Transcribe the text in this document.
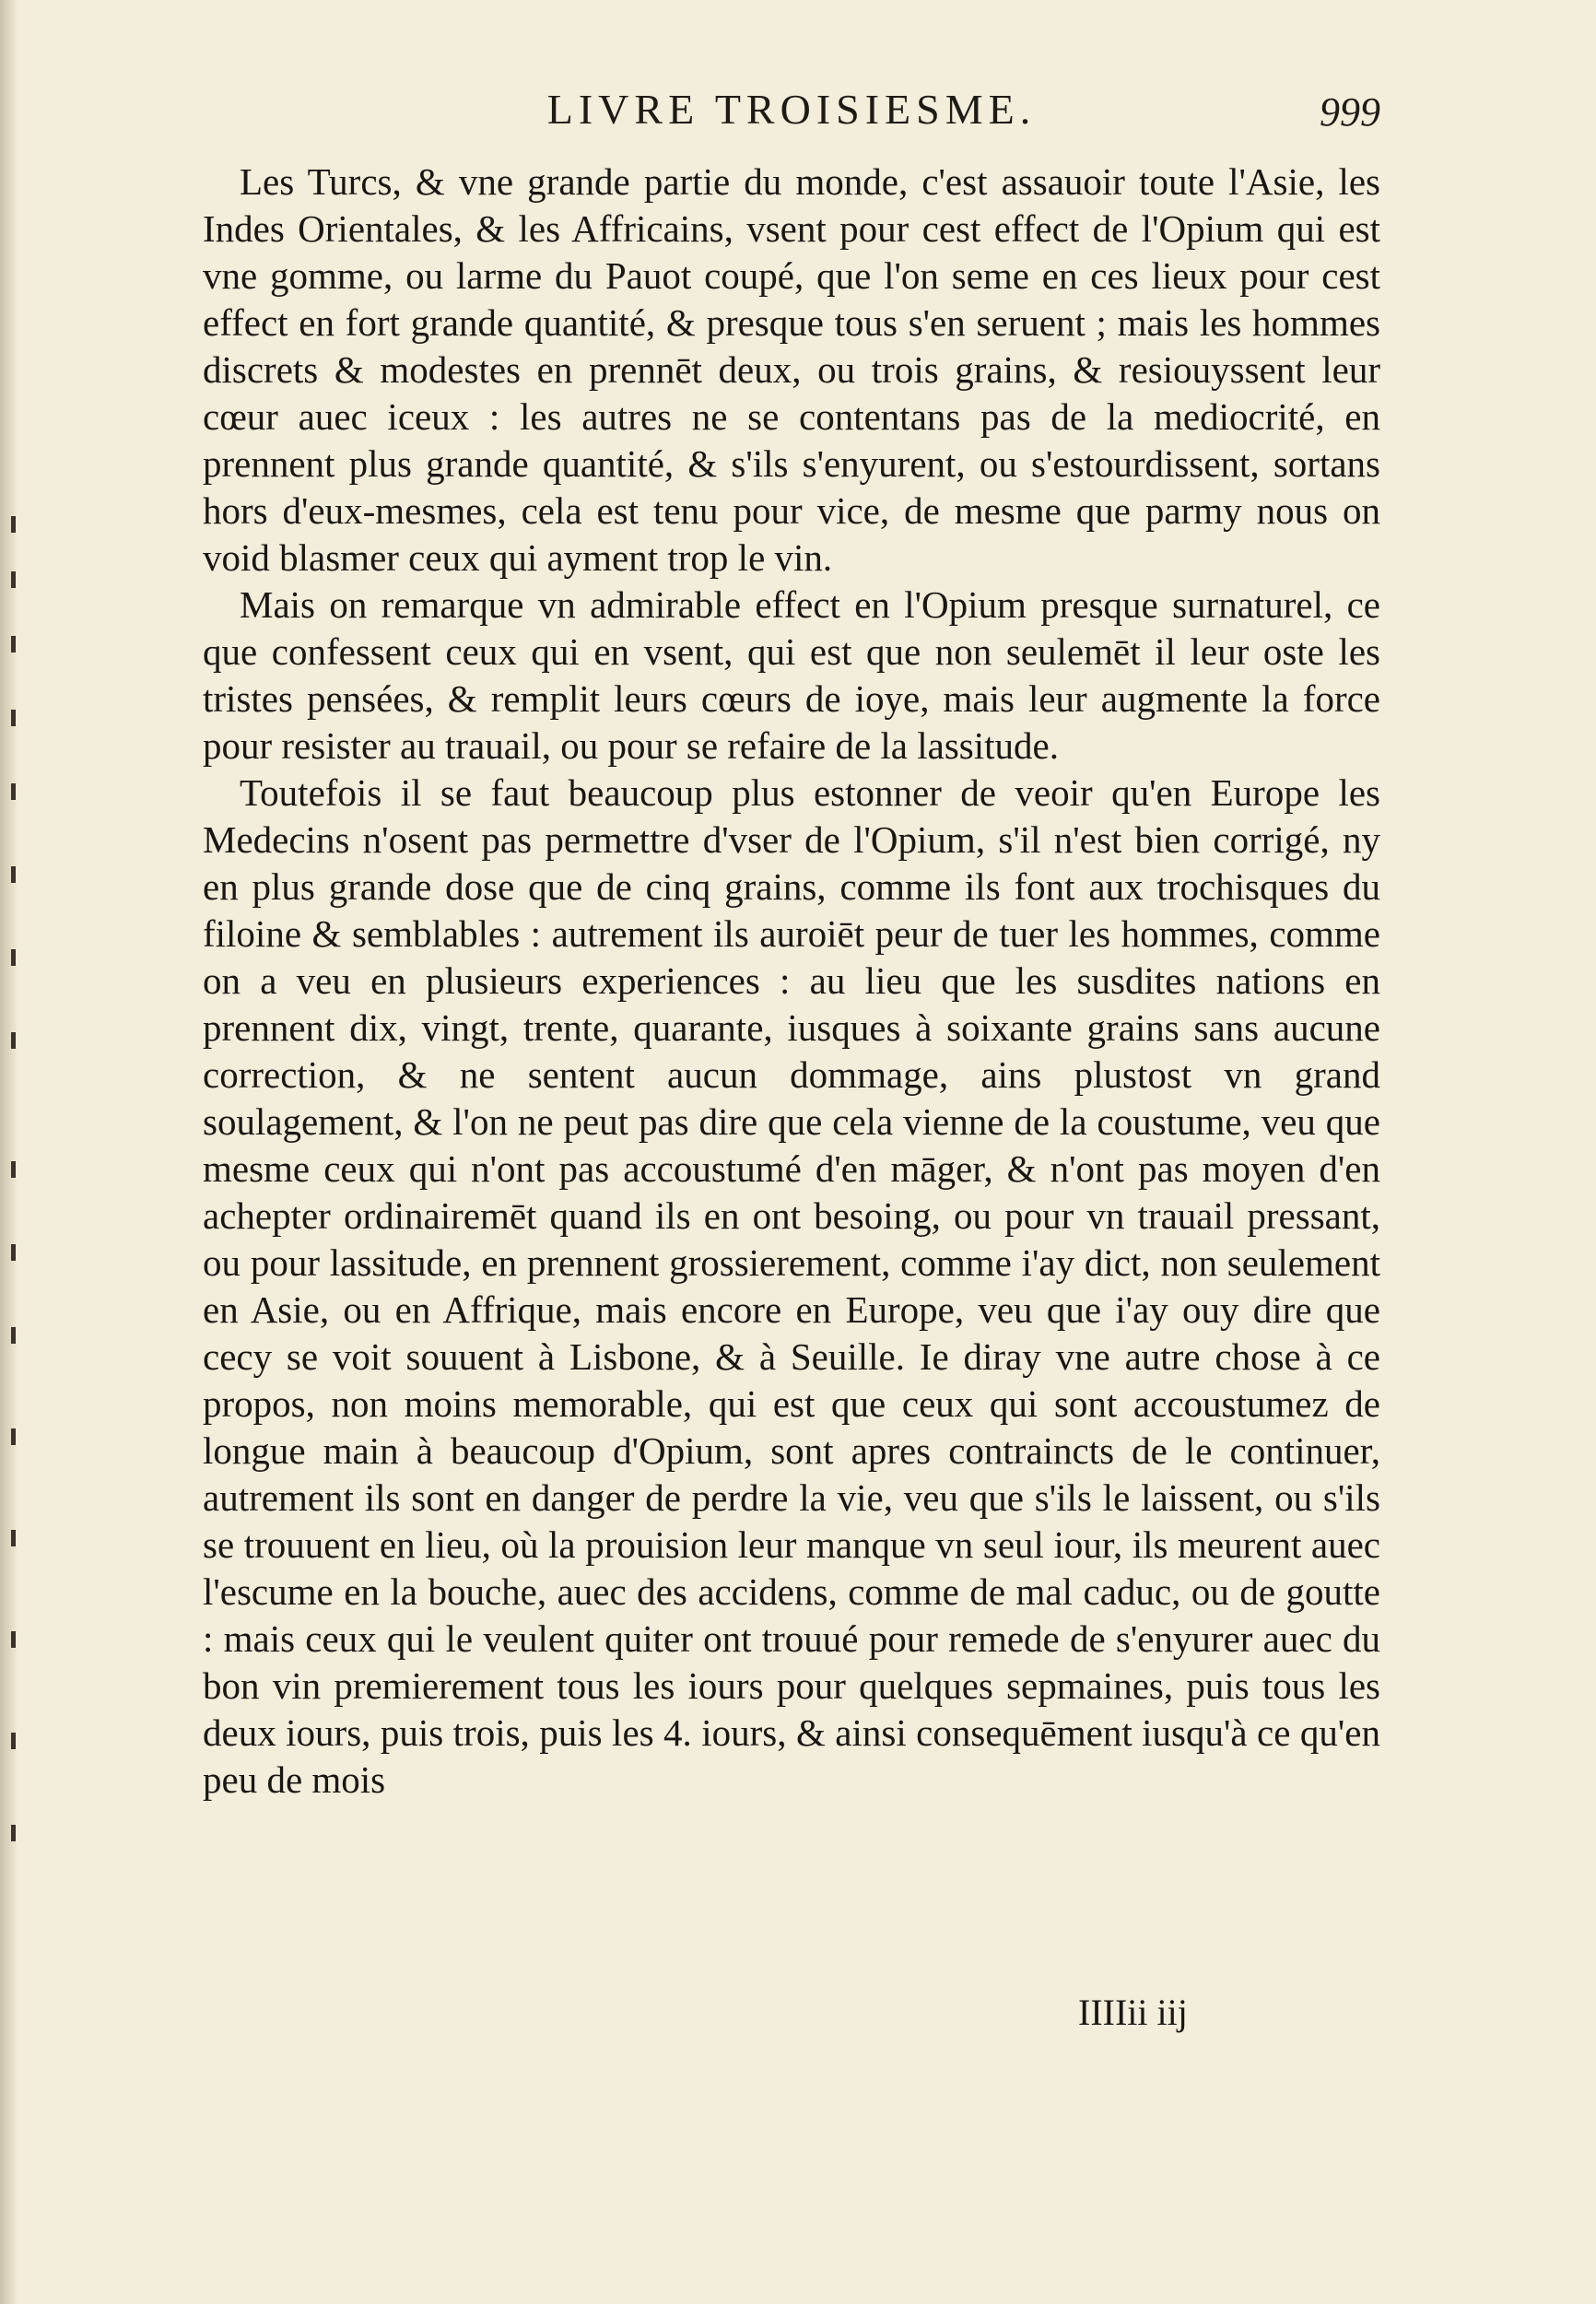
LIVRE TROISIESME.	999

Les Turcs, & vne grande partie du monde, c'est assauoir toute l'Asie, les Indes Orientales, & les Affricains, vsent pour cest effect de l'Opium qui est vne gomme, ou larme du Pauot coupé, que l'on seme en ces lieux pour cest effect en fort grande quantité, & presque tous s'en seruent ; mais les hommes discrets & modestes en prennēt deux, ou trois grains, & resiouyssent leur cœur auec iceux : les autres ne se contentans pas de la mediocrité, en prennent plus grande quantité, & s'ils s'enyurent, ou s'estourdissent, sortans hors d'eux-mesmes, cela est tenu pour vice, de mesme que parmy nous on void blasmer ceux qui ayment trop le vin.

Mais on remarque vn admirable effect en l'Opium presque surnaturel, ce que confessent ceux qui en vsent, qui est que non seulemēt il leur oste les tristes pensées, & remplit leurs cœurs de ioye, mais leur augmente la force pour resister au trauail, ou pour se refaire de la lassitude.

Toutefois il se faut beaucoup plus estonner de veoir qu'en Europe les Medecins n'osent pas permettre d'vser de l'Opium, s'il n'est bien corrigé, ny en plus grande dose que de cinq grains, comme ils font aux trochisques du filoine & semblables : autrement ils auroiēt peur de tuer les hommes, comme on a veu en plusieurs experiences : au lieu que les susdites nations en prennent dix, vingt, trente, quarante, iusques à soixante grains sans aucune correction, & ne sentent aucun dommage, ains plustost vn grand soulagement, & l'on ne peut pas dire que cela vienne de la coustume, veu que mesme ceux qui n'ont pas accoustumé d'en māger, & n'ont pas moyen d'en achepter ordinairemēt quand ils en ont besoing, ou pour vn trauail pressant, ou pour lassitude, en prennent grossierement, comme i'ay dict, non seulement en Asie, ou en Affrique, mais encore en Europe, veu que i'ay ouy dire que cecy se voit souuent à Lisbone, & à Seuille. Ie diray vne autre chose à ce propos, non moins memorable, qui est que ceux qui sont accoustumez de longue main à beaucoup d'Opium, sont apres contraincts de le continuer, autrement ils sont en danger de perdre la vie, veu que s'ils le laissent, ou s'ils se trouuent en lieu, où la prouision leur manque vn seul iour, ils meurent auec l'escume en la bouche, auec des accidens, comme de mal caduc, ou de goutte : mais ceux qui le veulent quiter ont trouué pour remede de s'enyurer auec du bon vin premierement tous les iours pour quelques sepmaines, puis tous les deux iours, puis trois, puis les 4. iours, & ainsi consequēment iusqu'à ce qu'en peu de mois

IIIIii iij
